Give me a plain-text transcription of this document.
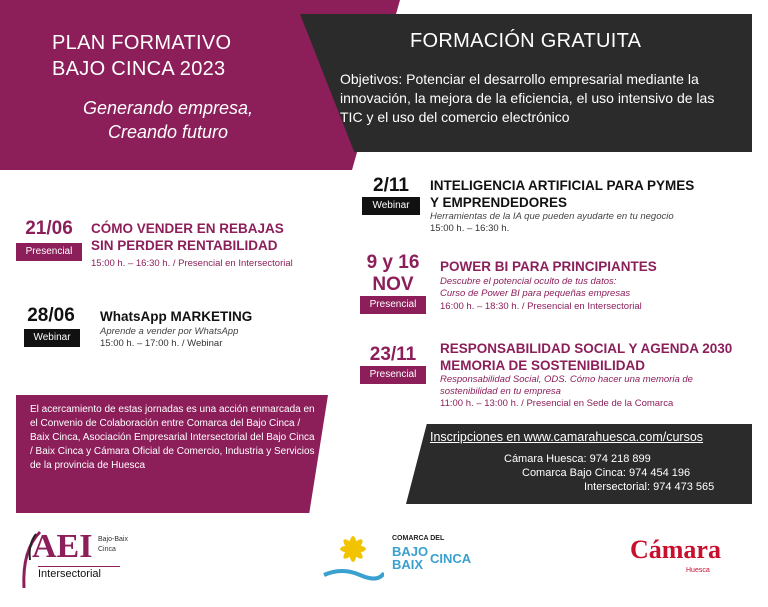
PLAN FORMATIVO
BAJO CINCA 2023
Generando empresa,
Creando futuro
FORMACIÓN GRATUITA
Objetivos: Potenciar el desarrollo empresarial mediante la innovación, la mejora de la eficiencia, el uso intensivo de las TIC y el uso del comercio electrónico
21/06
Presencial
CÓMO VENDER EN REBAJAS
SIN PERDER RENTABILIDAD
15:00 h. – 16:30 h. / Presencial en Intersectorial
28/06
Webinar
WhatsApp MARKETING
Aprende a vender por WhatsApp
15:00 h. – 17:00 h. / Webinar
2/11
Webinar
INTELIGENCIA ARTIFICIAL PARA PYMES
Y EMPRENDEDORES
Herramientas de la IA que pueden ayudarte en tu negocio
15:00 h. – 16:30 h.
9 y 16
NOV
Presencial
POWER BI PARA PRINCIPIANTES
Descubre el potencial oculto de tus datos:
Curso de Power BI para pequeñas empresas
16:00 h. – 18:30 h. / Presencial en Intersectorial
23/11
Presencial
RESPONSABILIDAD SOCIAL Y AGENDA 2030
MEMORIA DE SOSTENIBILIDAD
Responsabilidad Social, ODS. Cómo hacer una memoria de
sostenibilidad en tu empresa
11:00 h. – 13:00 h. / Presencial en Sede de la Comarca
El acercamiento de estas jornadas es una acción enmarcada en el Convenio de Colaboración entre Comarca del Bajo Cinca / Baix Cinca, Asociación Empresarial Intersectorial del Bajo Cinca / Baix Cinca y Cámara Oficial de Comercio, Industria y Servicios de la provincia de Huesca
Inscripciones en www.camarahuesca.com/cursos
Cámara Huesca: 974 218 899
Comarca Bajo Cinca: 974 454 196
Intersectorial: 974 473 565
AEI Bajo-Baix
Cinca
Intersectorial
COMARCA DEL
BAJO
BAIX CINCA	Cámara
Huesca
